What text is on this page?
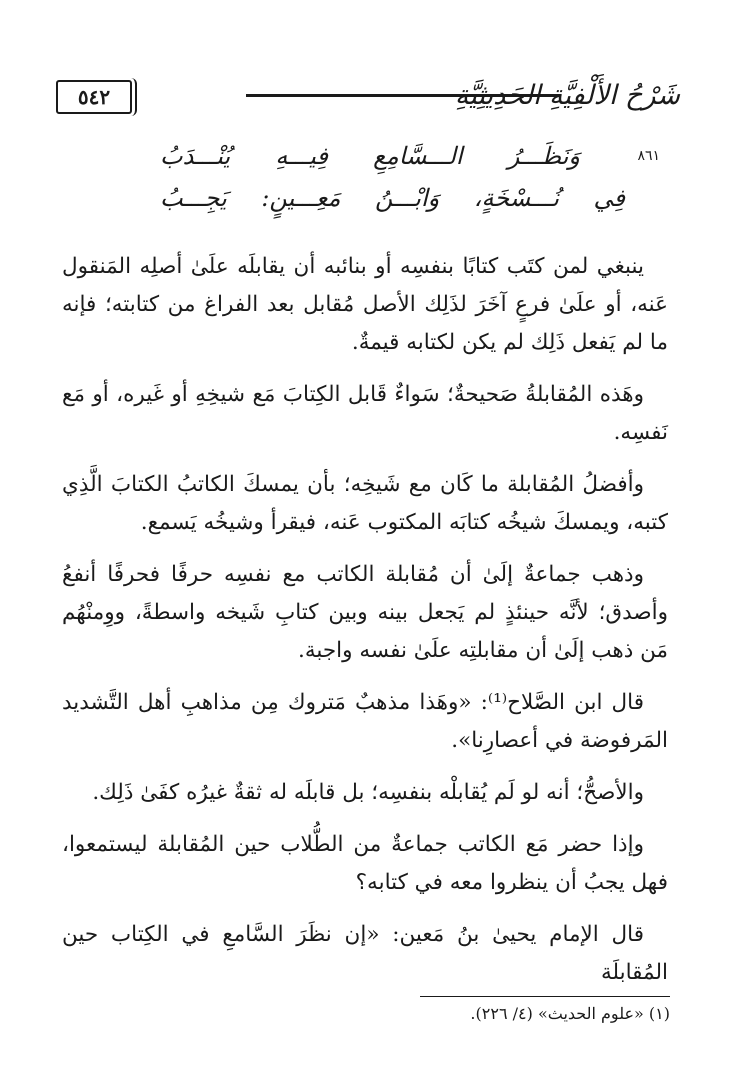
٥٤٢	شَرْحُ الأَلْفِيَّةِ الحَدِيثِيَّةِ
٨٦١
وَنَظَـــرُ الـــسَّامِعِ فِيـــهِ يُنْـــدَبُ
فِي نُـــسْخَةٍ، وَابْـــنُ مَعِـــينٍ: يَجِـــبُ

ينبغي لمن كتَب كتابًا بنفسِه أو بنائبه أن يقابلَه علَىٰ أصلِه المَنقول عَنه، أو علَىٰ فرعٍ آخَرَ لذَلِك الأصل مُقابل بعد الفراغ من كتابته؛ فإنه ما لم يَفعل ذَلِك لم يكن لكتابه قيمةٌ.

وهَذه المُقابلةُ صَحيحةٌ؛ سَواءٌ قَابل الكِتابَ مَع شيخِهِ أو غَيره، أو مَع نَفسِه.

وأفضلُ المُقابلة ما كَان مع شَيخِه؛ بأن يمسكَ الكاتبُ الكتابَ الَّذِي كتبه، ويمسكَ شيخُه كتابَه المكتوب عَنه، فيقرأ وشيخُه يَسمع.

وذهب جماعةٌ إلَىٰ أن مُقابلة الكاتب مع نفسِه حرفًا فحرفًا أنفعُ وأصدق؛ لأنَّه حينئذٍ لم يَجعل بينه وبين كتابِ شَيخه واسطةً، ووِمنْهُم مَن ذهب إلَىٰ أن مقابلتِه علَىٰ نفسه واجبة.

قال ابن الصَّلاح⁽¹⁾: «وهَذا مذهبٌ مَتروك مِن مذاهبِ أهل التَّشديد المَرفوضة في أعصارِنا».

والأصحُّ؛ أنه لو لَم يُقابلْه بنفسِه؛ بل قابلَه له ثقةٌ غيرُه كفَىٰ ذَلِك.

وإذا حضر مَع الكاتب جماعةٌ من الطُّلاب حين المُقابلة ليستمعوا، فهل يجبُ أن ينظروا معه في كتابه؟

قال الإمام يحيىٰ بنُ مَعين: «إن نظَرَ السَّامعِ في الكِتاب حين المُقابلَة

(١) «علوم الحديث» (٤/ ٢٢٦).
